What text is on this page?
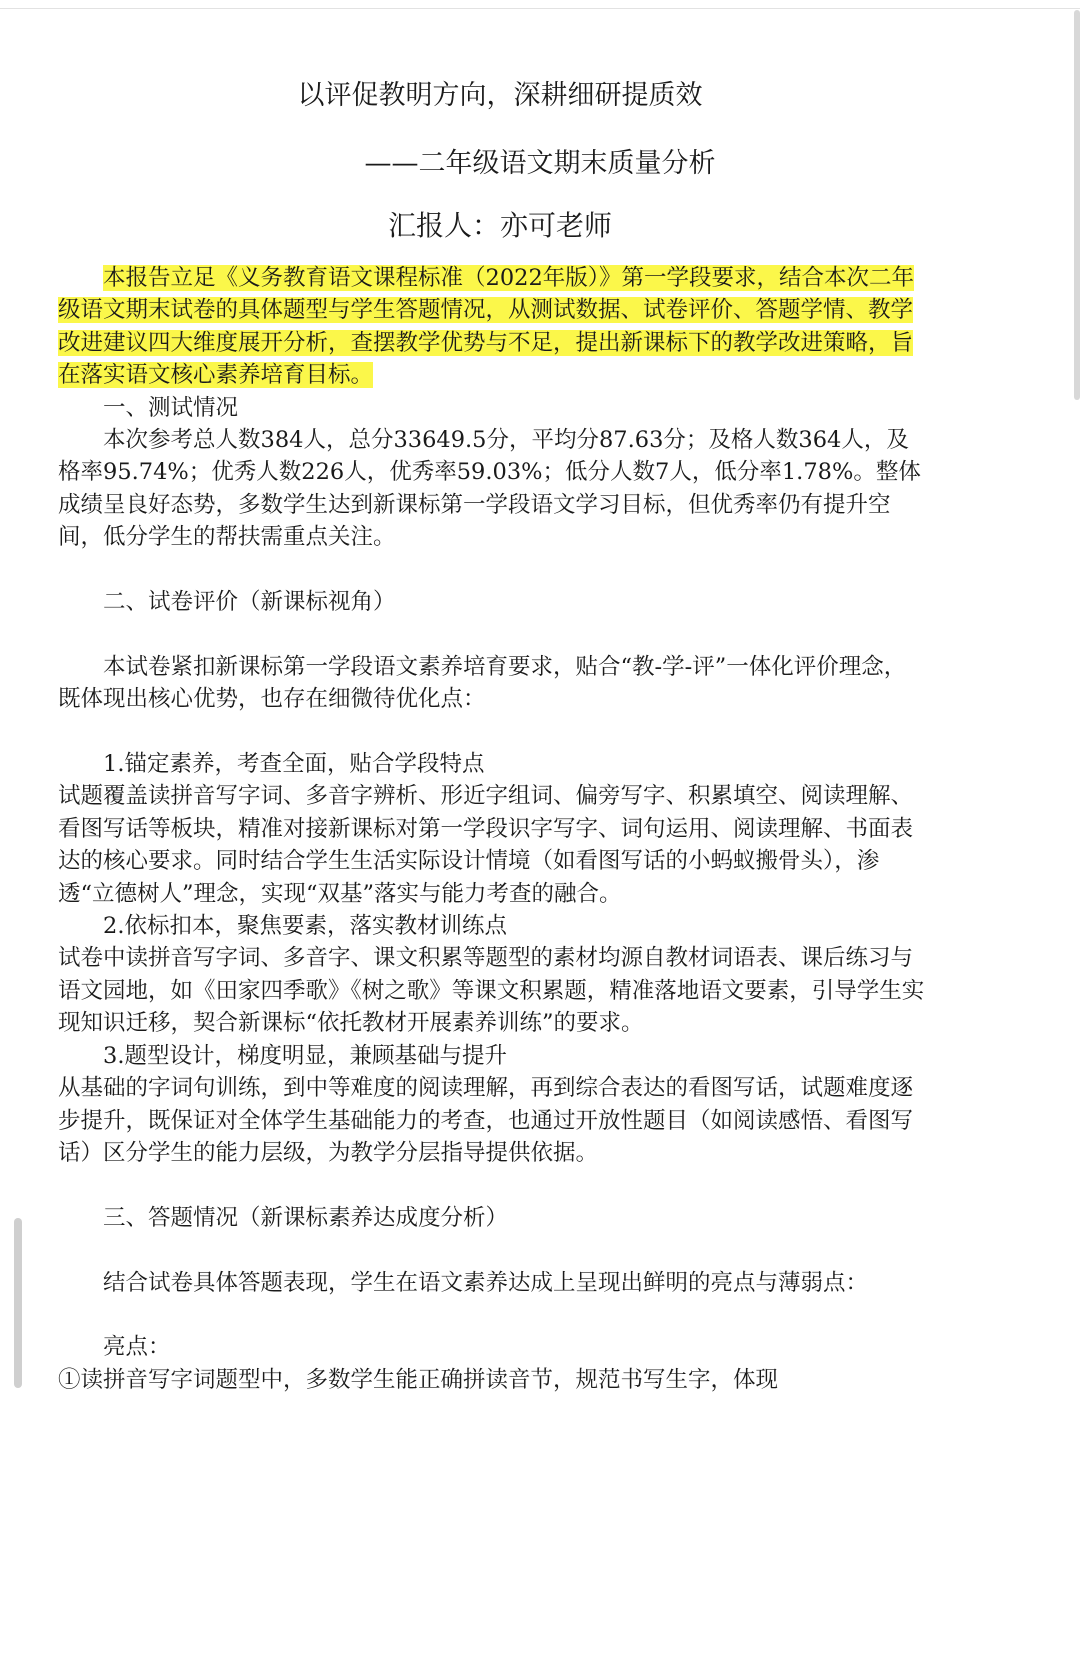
以评促教明方向，深耕细研提质效
——二年级语文期末质量分析
汇报人：亦可老师

本报告立足《义务教育语文课程标准（2022年版）》第一学段要求，结合本次二年级语文期末试卷的具体题型与学生答题情况，从测试数据、试卷评价、答题学情、教学改进建议四大维度展开分析，查摆教学优势与不足，提出新课标下的教学改进策略，旨在落实语文核心素养培育目标。

一、测试情况

本次参考总人数384人，总分33649.5分，平均分87.63分；及格人数364人，及格率95.74%；优秀人数226人，优秀率59.03%；低分人数7人，低分率1.78%。整体成绩呈良好态势，多数学生达到新课标第一学段语文学习目标，但优秀率仍有提升空间，低分学生的帮扶需重点关注。

二、试卷评价（新课标视角）

本试卷紧扣新课标第一学段语文素养培育要求，贴合“教-学-评”一体化评价理念，既体现出核心优势，也存在细微待优化点：

1.锚定素养，考查全面，贴合学段特点

试题覆盖读拼音写字词、多音字辨析、形近字组词、偏旁写字、积累填空、阅读理解、看图写话等板块，精准对接新课标对第一学段识字写字、词句运用、阅读理解、书面表达的核心要求。同时结合学生生活实际设计情境（如看图写话的小蚂蚁搬骨头），渗透“立德树人”理念，实现“双基”落实与能力考查的融合。

2.依标扣本，聚焦要素，落实教材训练点

试卷中读拼音写字词、多音字、课文积累等题型的素材均源自教材词语表、课后练习与语文园地，如《田家四季歌》《树之歌》等课文积累题，精准落地语文要素，引导学生实现知识迁移，契合新课标“依托教材开展素养训练”的要求。

3.题型设计，梯度明显，兼顾基础与提升

从基础的字词句训练，到中等难度的阅读理解，再到综合表达的看图写话，试题难度逐步提升，既保证对全体学生基础能力的考查，也通过开放性题目（如阅读感悟、看图写话）区分学生的能力层级，为教学分层指导提供依据。

三、答题情况（新课标素养达成度分析）

结合试卷具体答题表现，学生在语文素养达成上呈现出鲜明的亮点与薄弱点：

亮点：

①读拼音写字词题型中，多数学生能正确拼读音节，规范书写生字，体现
